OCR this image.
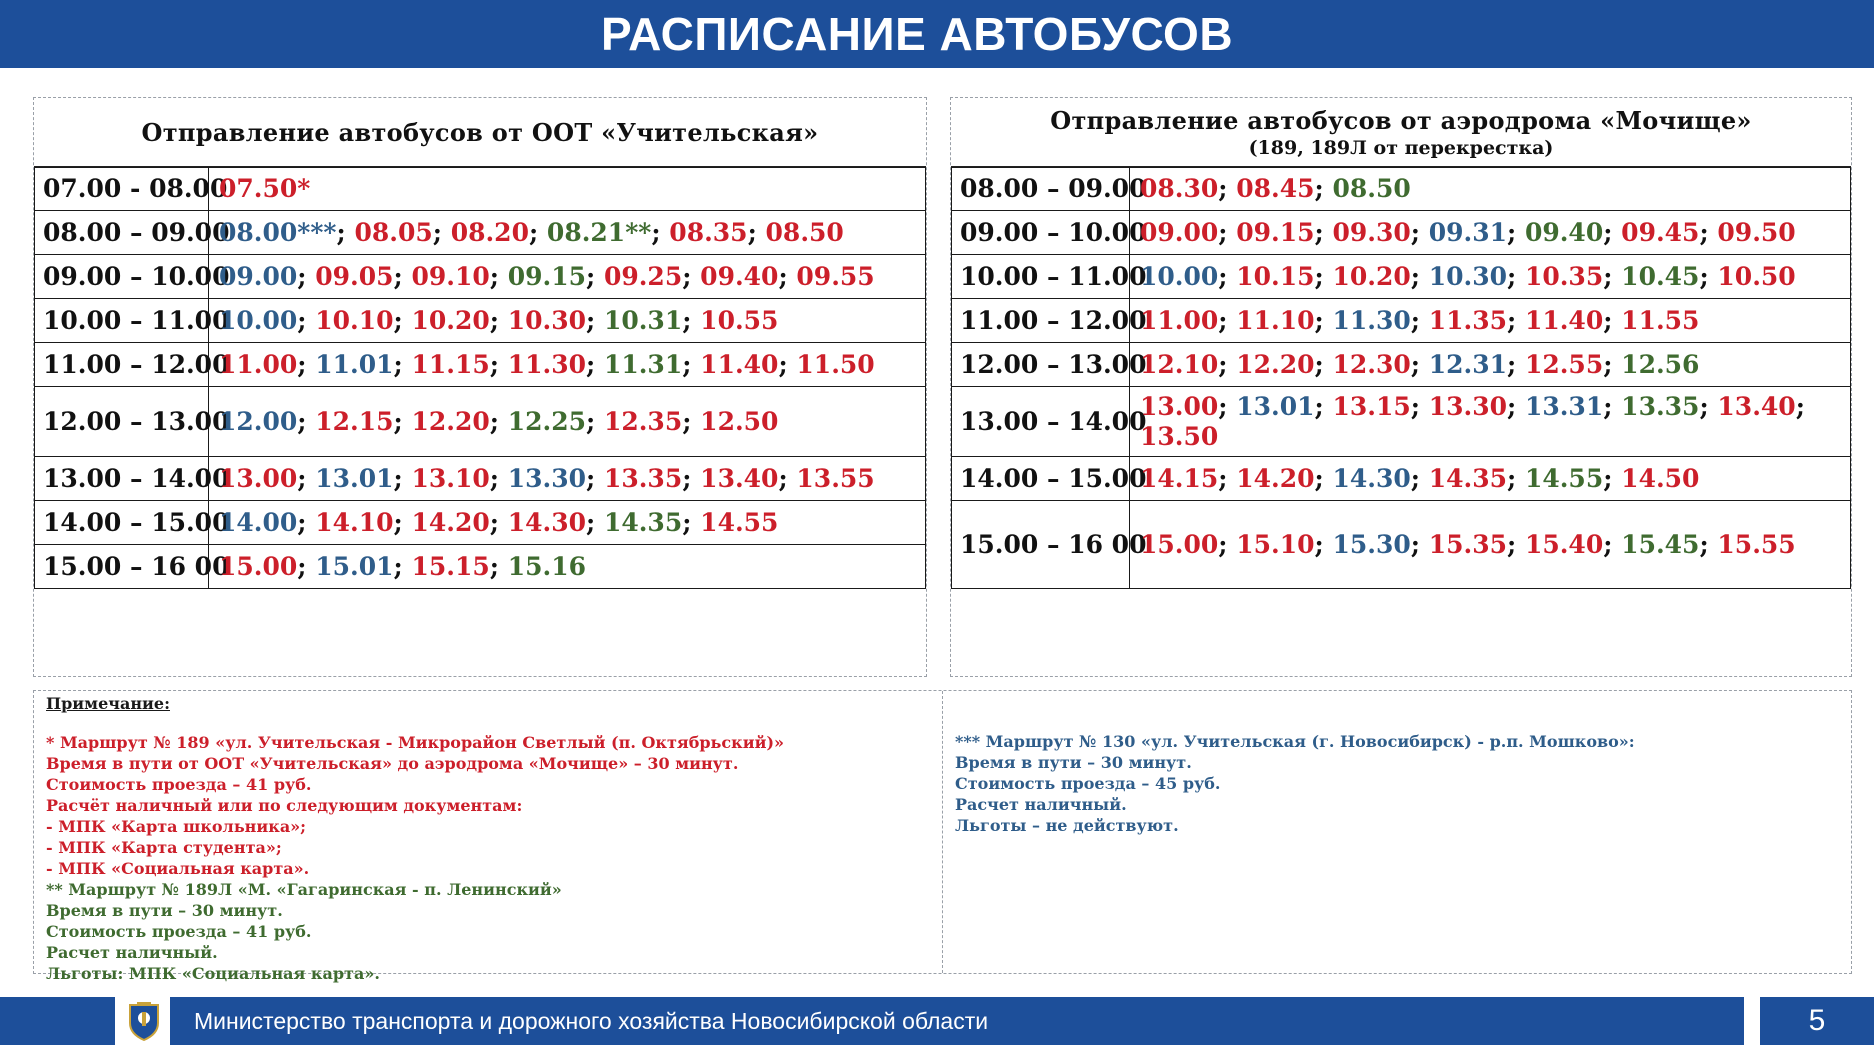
РАСПИСАНИЕ АВТОБУСОВ
Отправление автобусов от ООТ «Учительская»
07.00 - 08.00	07.50*
08.00 – 09.00	08.00***; 08.05; 08.20; 08.21**; 08.35; 08.50
09.00 – 10.00	09.00; 09.05; 09.10; 09.15; 09.25; 09.40; 09.55
10.00 – 11.00	10.00; 10.10; 10.20; 10.30; 10.31; 10.55
11.00 – 12.00	11.00; 11.01; 11.15; 11.30; 11.31; 11.40; 11.50
12.00 – 13.00	12.00; 12.15; 12.20; 12.25; 12.35; 12.50
13.00 – 14.00	13.00; 13.01; 13.10; 13.30; 13.35; 13.40; 13.55
14.00 – 15.00	14.00; 14.10; 14.20; 14.30; 14.35; 14.55
15.00 – 16 00	15.00; 15.01; 15.15; 15.16
Отправление автобусов от аэродрома «Мочище»
(189, 189Л от перекрестка)
08.00 – 09.00	08.30; 08.45; 08.50
09.00 – 10.00	09.00; 09.15; 09.30; 09.31; 09.40; 09.45; 09.50
10.00 – 11.00	10.00; 10.15; 10.20; 10.30; 10.35; 10.45; 10.50
11.00 – 12.00	11.00; 11.10; 11.30; 11.35; 11.40; 11.55
12.00 – 13.00	12.10; 12.20; 12.30; 12.31; 12.55; 12.56
13.00 – 14.00	13.00; 13.01; 13.15; 13.30; 13.31; 13.35; 13.40; 13.50
14.00 – 15.00	14.15; 14.20; 14.30; 14.35; 14.55; 14.50
15.00 – 16 00	15.00; 15.10; 15.30; 15.35; 15.40; 15.45; 15.55
Примечание:
* Маршрут № 189 «ул. Учительская - Микрорайон Светлый (п. Октябрьский)»
Время в пути от ООТ «Учительская» до аэродрома «Мочище» – 30 минут.
Стоимость проезда – 41 руб.
Расчёт наличный или по следующим документам:
- МПК «Карта школьника»;
- МПК «Карта студента»;
- МПК «Социальная карта».
** Маршрут № 189Л «М. «Гагаринская - п. Ленинский»
Время в пути – 30 минут.
Стоимость проезда – 41 руб.
Расчет наличный.
Льготы: МПК «Социальная карта».
*** Маршрут № 130 «ул. Учительская (г. Новосибирск) - р.п. Мошково»:
Время в пути – 30 минут.
Стоимость проезда – 45 руб.
Расчет наличный.
Льготы – не действуют.
Министерство транспорта и дорожного хозяйства Новосибирской области	5
